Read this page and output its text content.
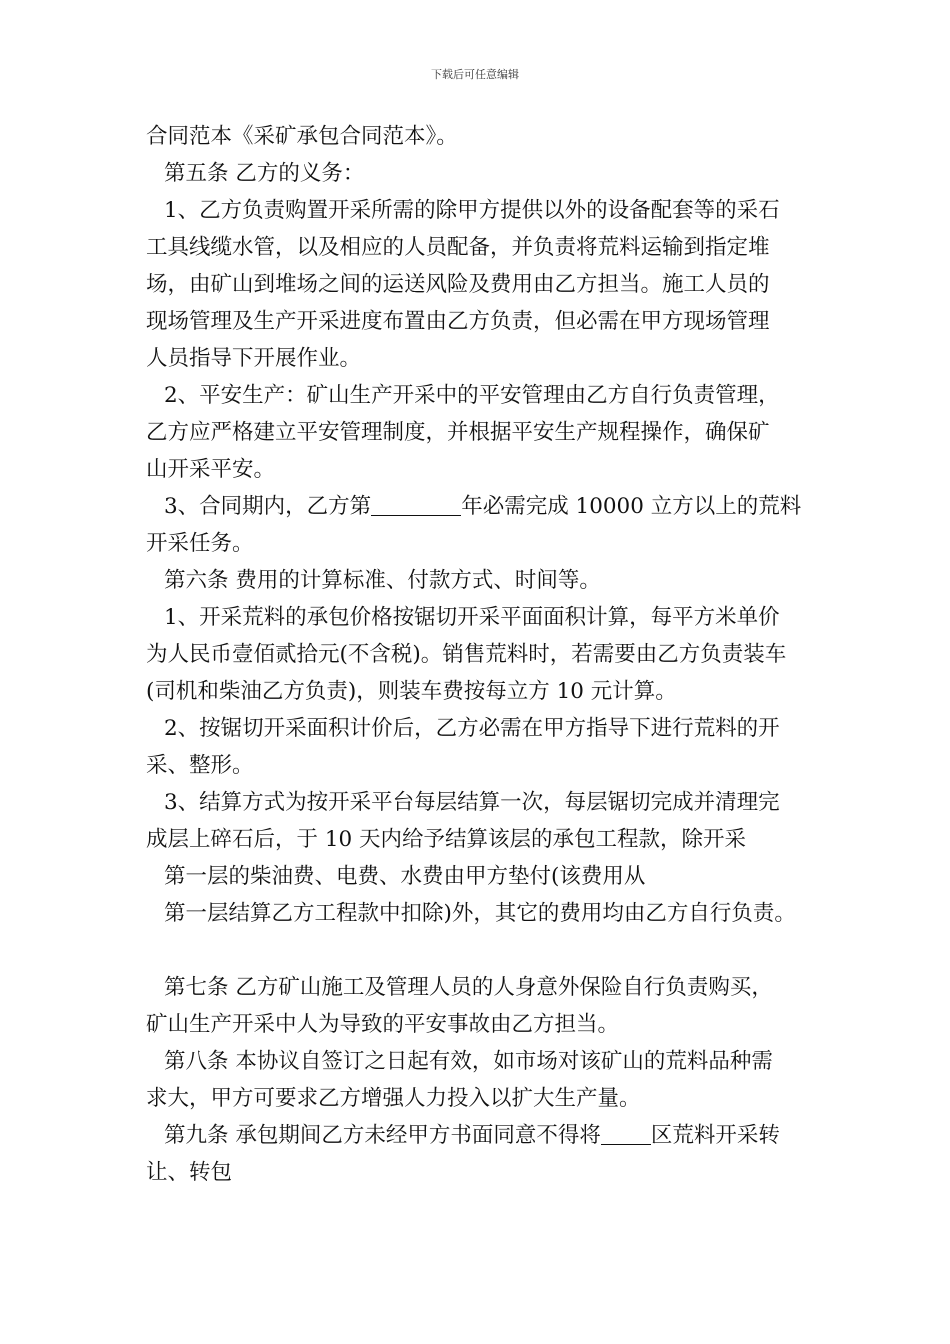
下载后可任意编辑
合同范本《采矿承包合同范本》。
第五条 乙方的义务：
1、乙方负责购置开采所需的除甲方提供以外的设备配套等的采石
工具线缆水管，以及相应的人员配备，并负责将荒料运输到指定堆
场，由矿山到堆场之间的运送风险及费用由乙方担当。施工人员的
现场管理及生产开采进度布置由乙方负责，但必需在甲方现场管理
人员指导下开展作业。
2、平安生产：矿山生产开采中的平安管理由乙方自行负责管理，
乙方应严格建立平安管理制度，并根据平安生产规程操作，确保矿
山开采平安。
3、合同期内，乙方第	年必需完成 10000 立方以上的荒料
开采任务。
第六条 费用的计算标准、付款方式、时间等。
1、开采荒料的承包价格按锯切开采平面面积计算，每平方米单价
为人民币壹佰贰拾元(不含税)。销售荒料时，若需要由乙方负责装车
(司机和柴油乙方负责)，则装车费按每立方 10 元计算。
2、按锯切开采面积计价后，乙方必需在甲方指导下进行荒料的开
采、整形。
3、结算方式为按开采平台每层结算一次，每层锯切完成并清理完
成层上碎石后，于 10 天内给予结算该层的承包工程款，除开采
第一层的柴油费、电费、水费由甲方垫付(该费用从
第一层结算乙方工程款中扣除)外，其它的费用均由乙方自行负责。
第七条 乙方矿山施工及管理人员的人身意外保险自行负责购买，
矿山生产开采中人为导致的平安事故由乙方担当。
第八条 本协议自签订之日起有效，如市场对该矿山的荒料品种需
求大，甲方可要求乙方增强人力投入以扩大生产量。
第九条 承包期间乙方未经甲方书面同意不得将 区荒料开采转
让、转包
